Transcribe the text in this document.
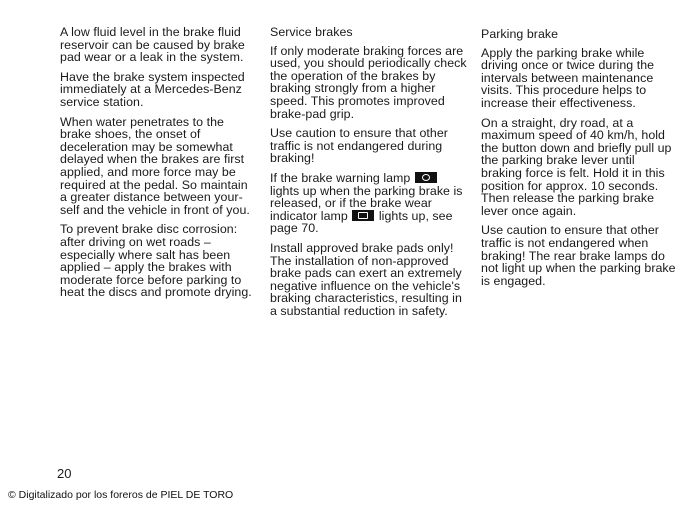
A low fluid level in the brake fluid reservoir can be caused by brake pad wear or a leak in the system.

Have the brake system inspected immediately at a Mercedes-Benz service station.

When water penetrates to the brake shoes, the onset of deceleration may be somewhat delayed when the brakes are first applied, and more force may be required at the pedal. So maintain a greater distance between your-self and the vehicle in front of you.

To prevent brake disc corrosion: after driving on wet roads – especially where salt has been applied – apply the brakes with moderate force before parking to heat the discs and promote drying.

Service brakes

If only moderate braking forces are used, you should periodically check the operation of the brakes by braking strongly from a higher speed. This promotes improved brake-pad grip.

Use caution to ensure that other traffic is not endangered during braking!

If the brake warning lamp  lights up when the parking brake is released, or if the brake wear indicator lamp	lights up, see page 70.

Install approved brake pads only! The installation of non-approved brake pads can exert an extremely negative influence on the vehicle's braking characteristics, resulting in a substantial reduction in safety.

Parking brake

Apply the parking brake while driving once or twice during the intervals between maintenance visits. This procedure helps to increase their effectiveness.

On a straight, dry road, at a maximum speed of 40 km/h, hold the button down and briefly pull up the parking brake lever until braking force is felt. Hold it in this position for approx. 10 seconds. Then release the parking brake lever once again.

Use caution to ensure that other traffic is not endangered when braking! The rear brake lamps do not light up when the parking brake is engaged.

20
© Digitalizado por los foreros de PIEL DE TORO
